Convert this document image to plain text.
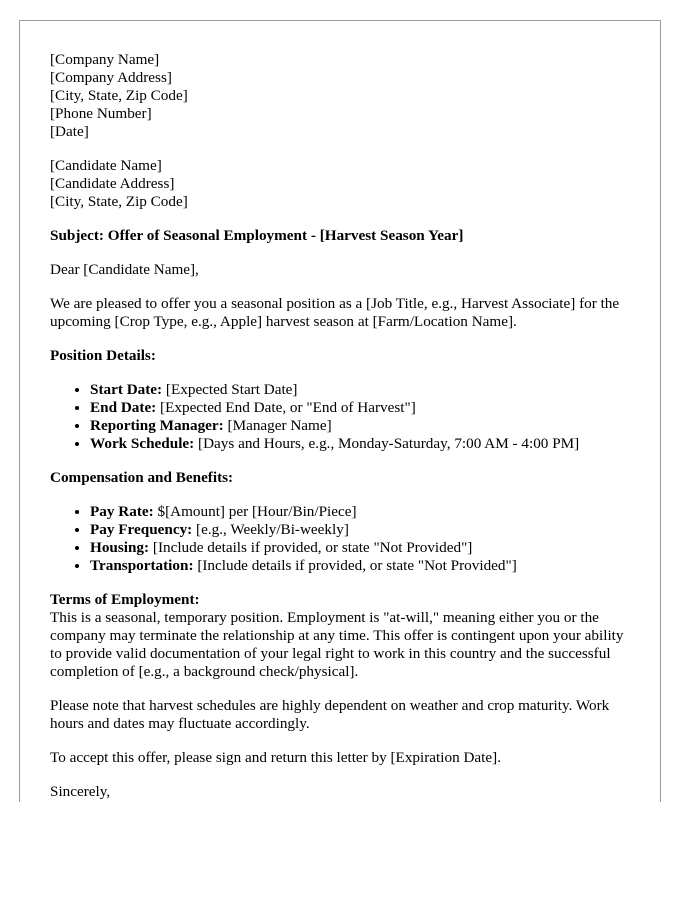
[Company Name]
[Company Address]
[City, State, Zip Code]
[Phone Number]
[Date]
[Candidate Name]
[Candidate Address]
[City, State, Zip Code]

Subject: Offer of Seasonal Employment - [Harvest Season Year]

Dear [Candidate Name],

We are pleased to offer you a seasonal position as a [Job Title, e.g., Harvest Associate] for the upcoming [Crop Type, e.g., Apple] harvest season at [Farm/Location Name].

Position Details:

• Start Date: [Expected Start Date]
• End Date: [Expected End Date, or "End of Harvest"]
• Reporting Manager: [Manager Name]
• Work Schedule: [Days and Hours, e.g., Monday-Saturday, 7:00 AM - 4:00 PM]

Compensation and Benefits:

• Pay Rate: $[Amount] per [Hour/Bin/Piece]
• Pay Frequency: [e.g., Weekly/Bi-weekly]
• Housing: [Include details if provided, or state "Not Provided"]
• Transportation: [Include details if provided, or state "Not Provided"]

Terms of Employment:

This is a seasonal, temporary position. Employment is "at-will," meaning either you or the company may terminate the relationship at any time. This offer is contingent upon your ability to provide valid documentation of your legal right to work in this country and the successful completion of [e.g., a background check/physical].

Please note that harvest schedules are highly dependent on weather and crop maturity. Work hours and dates may fluctuate accordingly.

To accept this offer, please sign and return this letter by [Expiration Date].

Sincerely,
